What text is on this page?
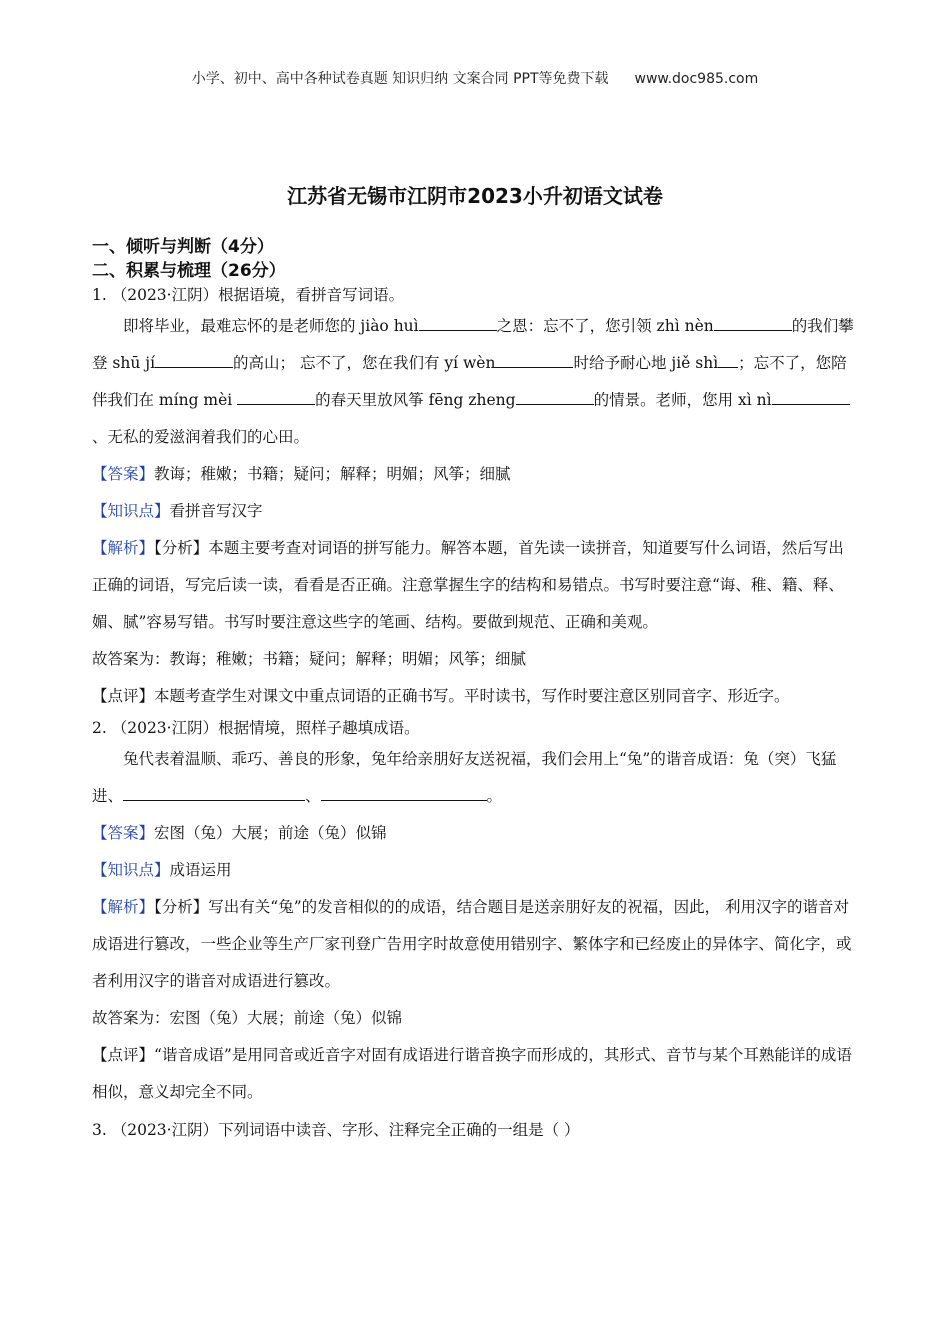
小学、初中、高中各种试卷真题 知识归纳 文案合同 PPT等免费下载 www.doc985.com
江苏省无锡市江阴市2023小升初语文试卷
一、倾听与判断（4分）
二、积累与梳理（26分）

1. （2023·江阴）根据语境，看拼音写词语。

即将毕业，最难忘怀的是老师您的 jiào huì	之恩：忘不了，您引领 zhì nèn	的我们攀登 shū jí	的高山； 忘不了，您在我们有 yí wèn	时给予耐心地 jiě shì ；忘不了，您陪伴我们在 míng mèi	的春天里放风筝 fēng zheng	的情景。老师，您用 xì nì、无私的爱滋润着我们的心田。

【答案】教诲；稚嫩；书籍；疑问；解释；明媚；风筝；细腻

【知识点】看拼音写汉字

【解析】【分析】本题主要考查对词语的拼写能力。解答本题，首先读一读拼音，知道要写什么词语，然后写出正确的词语，写完后读一读，看看是否正确。注意掌握生字的结构和易错点。书写时要注意“诲、稚、籍、释、媚、腻”容易写错。书写时要注意这些字的笔画、结构。要做到规范、正确和美观。

故答案为：教诲；稚嫩；书籍；疑问；解释；明媚；风筝；细腻

【点评】本题考查学生对课文中重点词语的正确书写。平时读书，写作时要注意区别同音字、形近字。

2. （2023·江阴）根据情境，照样子趣填成语。

兔代表着温顺、乖巧、善良的形象，兔年给亲朋好友送祝福，我们会用上“兔”的谐音成语：兔（突）飞猛进、	、	。

【答案】宏图（兔）大展；前途（兔）似锦

【知识点】成语运用

【解析】【分析】写出有关“兔”的发音相似的的成语，结合题目是送亲朋好友的祝福，因此， 利用汉字的谐音对成语进行篡改，一些企业等生产厂家刊登广告用字时故意使用错别字、繁体字和已经废止的异体字、简化字，或者利用汉字的谐音对成语进行篡改。

故答案为：宏图（兔）大展；前途（兔）似锦

【点评】“谐音成语”是用同音或近音字对固有成语进行谐音换字而形成的，其形式、音节与某个耳熟能详的成语相似，意义却完全不同。

3. （2023·江阴）下列词语中读音、字形、注释完全正确的一组是（ ）
